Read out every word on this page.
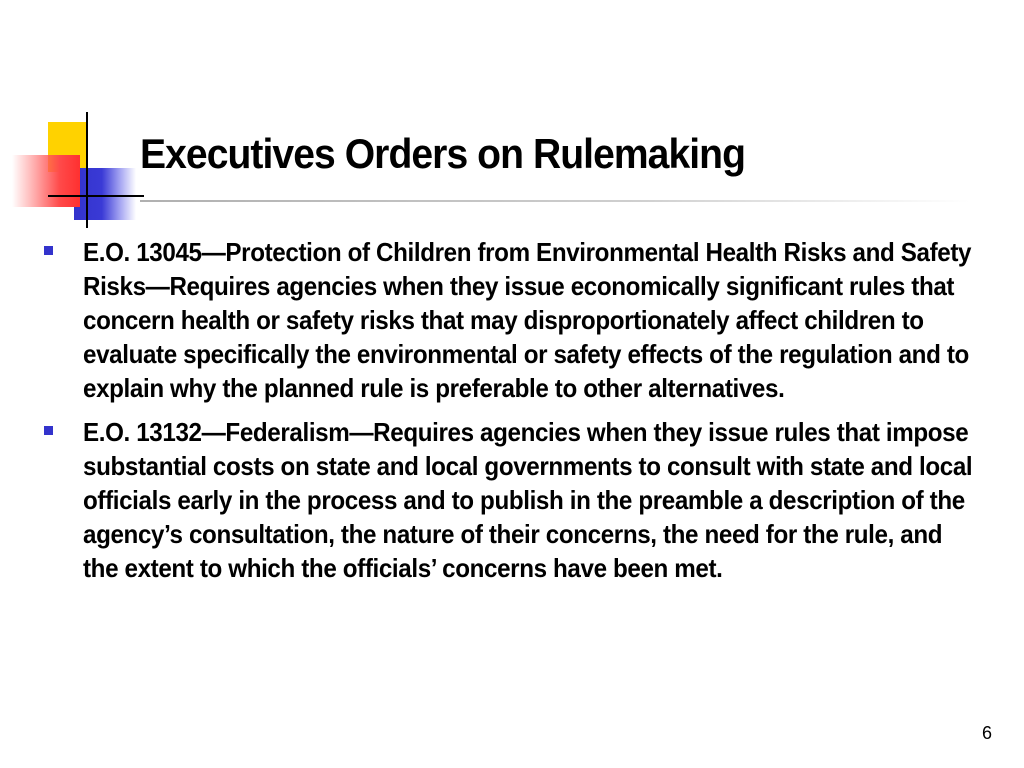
Executives Orders on Rulemaking
E.O. 13045—Protection of Children from Environmental Health Risks and Safety Risks—Requires agencies when they issue economically significant rules that concern health or safety risks that may disproportionately affect children to evaluate specifically the environmental or safety effects of the regulation and to explain why the planned rule is preferable to other alternatives.
E.O. 13132—Federalism—Requires agencies when they issue rules that impose substantial costs on state and local governments to consult with state and local officials early in the process and to publish in the preamble a description of the agency’s consultation, the nature of their concerns, the need for the rule, and the extent to which the officials’ concerns have been met.
6
